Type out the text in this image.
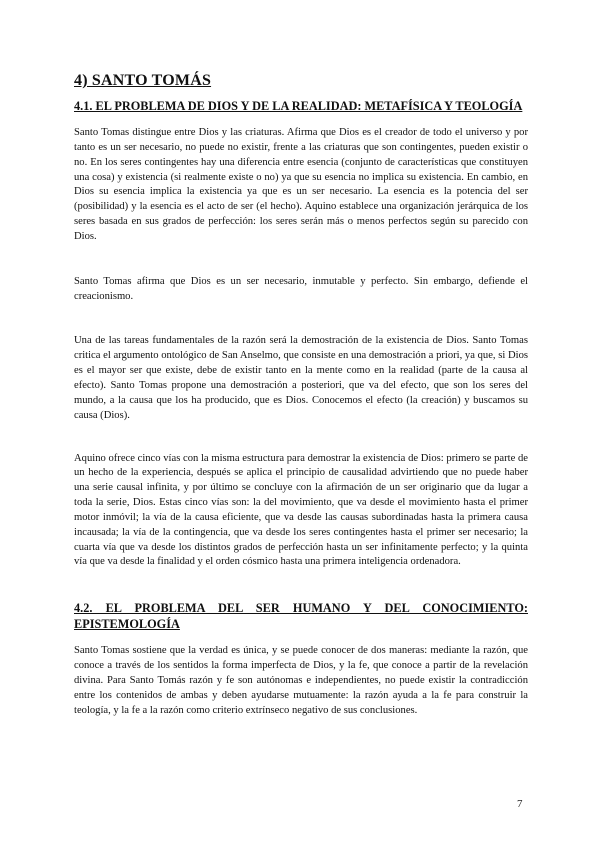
4) SANTO TOMÁS
4.1. EL PROBLEMA DE DIOS Y DE LA REALIDAD: METAFÍSICA Y TEOLOGÍA

Santo Tomas distingue entre Dios y las criaturas. Afirma que Dios es el creador de todo el universo y por tanto es un ser necesario, no puede no existir, frente a las criaturas que son contingentes, pueden existir o no. En los seres contingentes hay una diferencia entre esencia (conjunto de características que constituyen una cosa) y existencia (si realmente existe o no) ya que su esencia no implica su existencia. En cambio, en Dios su esencia implica la existencia ya que es un ser necesario. La esencia es la potencia del ser (posibilidad) y la esencia es el acto de ser (el hecho). Aquino establece una organización jerárquica de los seres basada en sus grados de perfección: los seres serán más o menos perfectos según su parecido con Dios.

Santo Tomas afirma que Dios es un ser necesario, inmutable y perfecto. Sin embargo, defiende el creacionismo.

Una de las tareas fundamentales de la razón será la demostración de la existencia de Dios. Santo Tomas critica el argumento ontológico de San Anselmo, que consiste en una demostración a priori, ya que, si Dios es el mayor ser que existe, debe de existir tanto en la mente como en la realidad (parte de la causa al efecto). Santo Tomas propone una demostración a posteriori, que va del efecto, que son los seres del mundo, a la causa que los ha producido, que es Dios. Conocemos el efecto (la creación) y buscamos su causa (Dios).

Aquino ofrece cinco vías con la misma estructura para demostrar la existencia de Dios: primero se parte de un hecho de la experiencia, después se aplica el principio de causalidad advirtiendo que no puede haber una serie causal infinita, y por último se concluye con la afirmación de un ser originario que da lugar a toda la serie, Dios. Estas cinco vías son: la del movimiento, que va desde el movimiento hasta el primer motor inmóvil; la vía de la causa eficiente, que va desde las causas subordinadas hasta la primera causa incausada; la vía de la contingencia, que va desde los seres contingentes hasta el primer ser necesario; la cuarta vía que va desde los distintos grados de perfección hasta un ser infinitamente perfecto; y la quinta vía que va desde la finalidad y el orden cósmico hasta una primera inteligencia ordenadora.

4.2. EL PROBLEMA DEL SER HUMANO Y DEL CONOCIMIENTO: EPISTEMOLOGÍA

Santo Tomas sostiene que la verdad es única, y se puede conocer de dos maneras: mediante la razón, que conoce a través de los sentidos la forma imperfecta de Dios, y la fe, que conoce a partir de la revelación divina. Para Santo Tomás razón y fe son autónomas e independientes, no puede existir la contradicción entre los contenidos de ambas y deben ayudarse mutuamente: la razón ayuda a la fe para construir la teología, y la fe a la razón como criterio extrínseco negativo de sus conclusiones.

7
